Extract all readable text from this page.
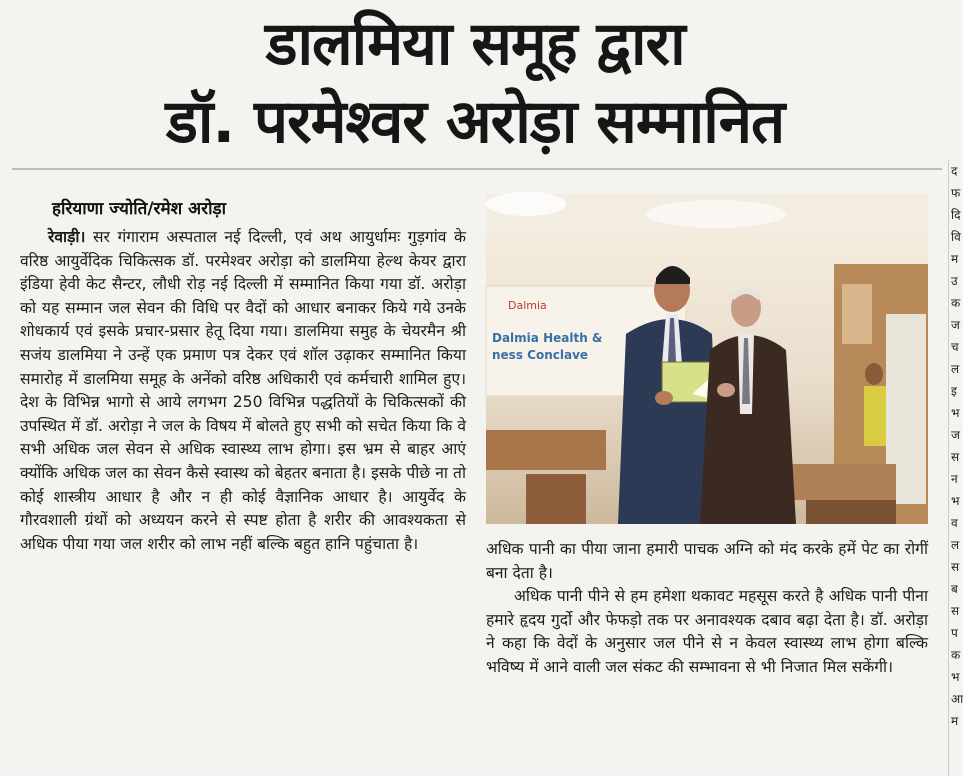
डालमिया समूह द्वारा
डॉ. परमेश्वर अरोड़ा सम्मानित
हरियाणा ज्योति/रमेश अरोड़ा

रेवाड़ी। सर गंगाराम अस्पताल नई दिल्ली, एवं अथ आयुर्धामः गुड़गांव के वरिष्ठ आयुर्वेदिक चिकित्सक डॉ. परमेश्वर अरोड़ा को डालमिया हेल्थ केयर द्वारा इंडिया हेवी केट सैन्टर, लौधी रोड़ नई दिल्ली में सम्मानित किया गया डॉ. अरोड़ा को यह सम्मान जल सेवन की विधि पर वैदों को आधार बनाकर किये गये उनके शोधकार्य एवं इसके प्रचार-प्रसार हेतू दिया गया। डालमिया समुह के चेयरमैन श्री सजंय डालमिया ने उन्हें एक प्रमाण पत्र देकर एवं शॉल उढ़ाकर सम्मानित किया समारोह में डालमिया समूह के अनेंको वरिष्ठ अधिकारी एवं कर्मचारी शामिल हुए। देश के विभिन्न भागो से आये लगभग 250 विभिन्न पद्धतियों के चिकित्सकों की उपस्थित में डॉ. अरोड़ा ने जल के विषय में बोलते हुए सभी को सचेत किया कि वे सभी अधिक जल सेवन से अधिक स्वास्थ्य लाभ होगा। इस भ्रम से बाहर आएं क्योंकि अधिक जल का सेवन कैसे स्वास्थ को बेहतर बनाता है। इसके पीछे ना तो कोई शास्त्रीय आधार है और न ही कोई वैज्ञानिक आधार है। आयुर्वेद के गौरवशाली ग्रंथों को अध्ययन करने से स्पष्ट होता है शरीर की आवश्यकता से अधिक पीया गया जल शरीर को लाभ नहीं बल्कि बहुत हानि पहुंचाता है।

Dalmia
Dalmia Health &
ness Conclave

अधिक पानी का पीया जाना हमारी पाचक अग्नि को मंद करके हमें पेट का रोगीं बना देता है।

अधिक पानी पीने से हम हमेशा थकावट महसूस करते है अधिक पानी पीना हमारे हृदय गुर्दो और फेफड़ो तक पर अनावश्यक दबाव बढ़ा देता है। डॉ. अरोड़ा ने कहा कि वेदों के अनुसार जल पीने से न केवल स्वास्थ्य लाभ होगा बल्कि भविष्य में आने वाली जल संकट की सम्भावना से भी निजात मिल सकेंगी।

द
फ
दि
वि
म
उ
क
ज
च
ल
इ
भ
ज
स
न
भ
व
ल
स
ब
स
प
क
भ
आ
म
